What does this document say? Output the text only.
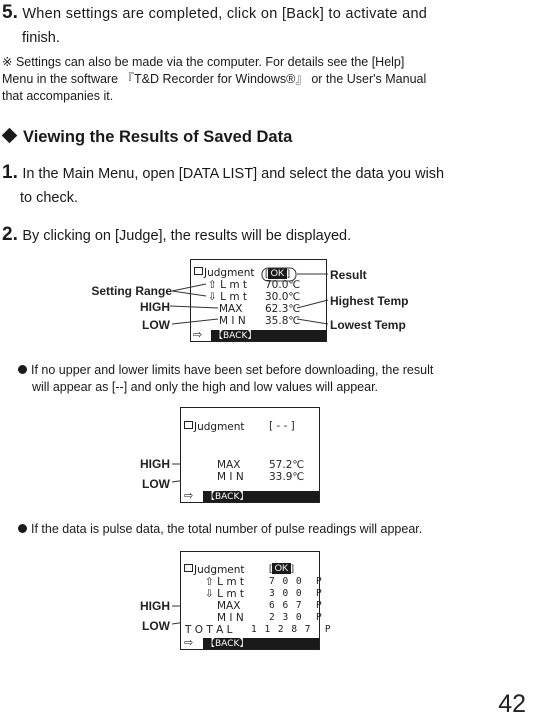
5. When settings are completed, click on [Back] to activate and
finish.
※ Settings can also be made via the computer. For details see the [Help]
Menu in the software 『T&D Recorder for Windows®』 or the User's Manual
that accompanies it.
Viewing the Results of Saved Data
1. In the Main Menu, open [DATA LIST] and select the data you wish
to check.
2. By clicking on [Judge], the results will be displayed.
Judgment [ OK ]
⇧ L m t 70.0℃
⇩ L m t 30.0℃
MAX 62.3℃
M I N 35.8℃
⇨ 【BACK】
Setting Range
HIGH
LOW
Result
Highest Temp
Lowest Temp
If no upper and lower limits have been set before downloading, the result
will appear as [--] and only the high and low values will appear.
Judgment [ - - ]
MAX	57.2℃
M I N 33.9℃
⇨ 【BACK】
HIGH
LOW
If the data is pulse data, the total number of pulse readings will appear.
Judgment	[ OK ]
⇧ L m t	7 0 0  P
⇩ L m t	3 0 0  P
MAX	6 6 7  P
M I N	2 3 0  P
T O T A L 1 1 2 8 7  P
⇨ 【BACK】
HIGH
LOW
42
